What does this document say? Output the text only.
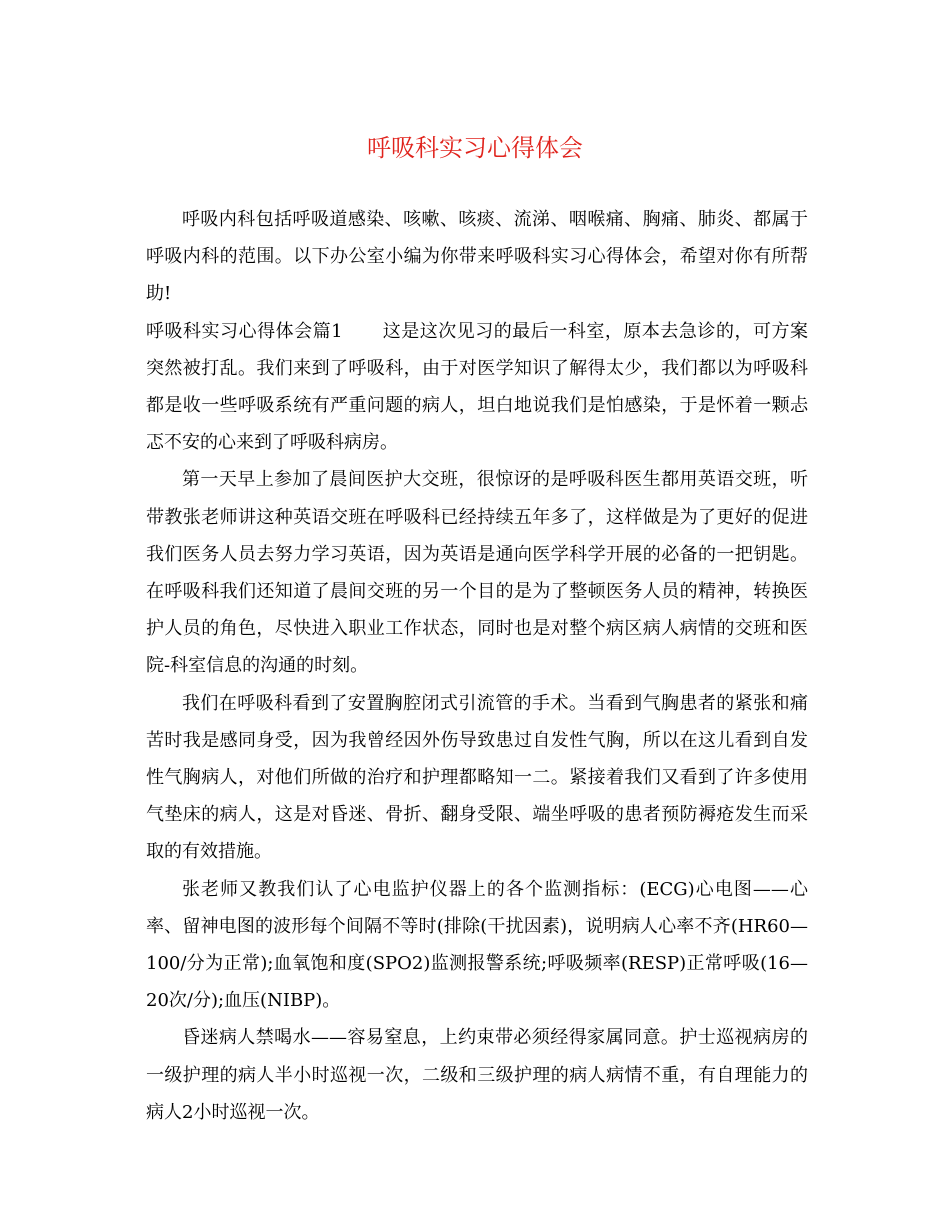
呼吸科实习心得体会

呼吸内科包括呼吸道感染、咳嗽、咳痰、流涕、咽喉痛、胸痛、肺炎、都属于呼吸内科的范围。以下办公室小编为你带来呼吸科实习心得体会，希望对你有所帮助!

呼吸科实习心得体会篇1 这是这次见习的最后一科室，原本去急诊的，可方案突然被打乱。我们来到了呼吸科，由于对医学知识了解得太少，我们都以为呼吸科都是收一些呼吸系统有严重问题的病人，坦白地说我们是怕感染，于是怀着一颗忐忑不安的心来到了呼吸科病房。

第一天早上参加了晨间医护大交班，很惊讶的是呼吸科医生都用英语交班，听带教张老师讲这种英语交班在呼吸科已经持续五年多了，这样做是为了更好的促进我们医务人员去努力学习英语，因为英语是通向医学科学开展的必备的一把钥匙。在呼吸科我们还知道了晨间交班的另一个目的是为了整顿医务人员的精神，转换医护人员的角色，尽快进入职业工作状态，同时也是对整个病区病人病情的交班和医院-科室信息的沟通的时刻。

我们在呼吸科看到了安置胸腔闭式引流管的手术。当看到气胸患者的紧张和痛苦时我是感同身受，因为我曾经因外伤导致患过自发性气胸，所以在这儿看到自发性气胸病人，对他们所做的治疗和护理都略知一二。紧接着我们又看到了许多使用气垫床的病人，这是对昏迷、骨折、翻身受限、端坐呼吸的患者预防褥疮发生而采取的有效措施。

张老师又教我们认了心电监护仪器上的各个监测指标：(ECG)心电图——心率、留神电图的波形每个间隔不等时(排除(干扰因素)，说明病人心率不齐(HR60— 100/分为正常);血氧饱和度(SPO2)监测报警系统;呼吸频率(RESP)正常呼吸(16—20次/分);血压(NIBP)。

昏迷病人禁喝水——容易窒息，上约束带必须经得家属同意。护士巡视病房的一级护理的病人半小时巡视一次，二级和三级护理的病人病情不重，有自理能力的病人2小时巡视一次。
